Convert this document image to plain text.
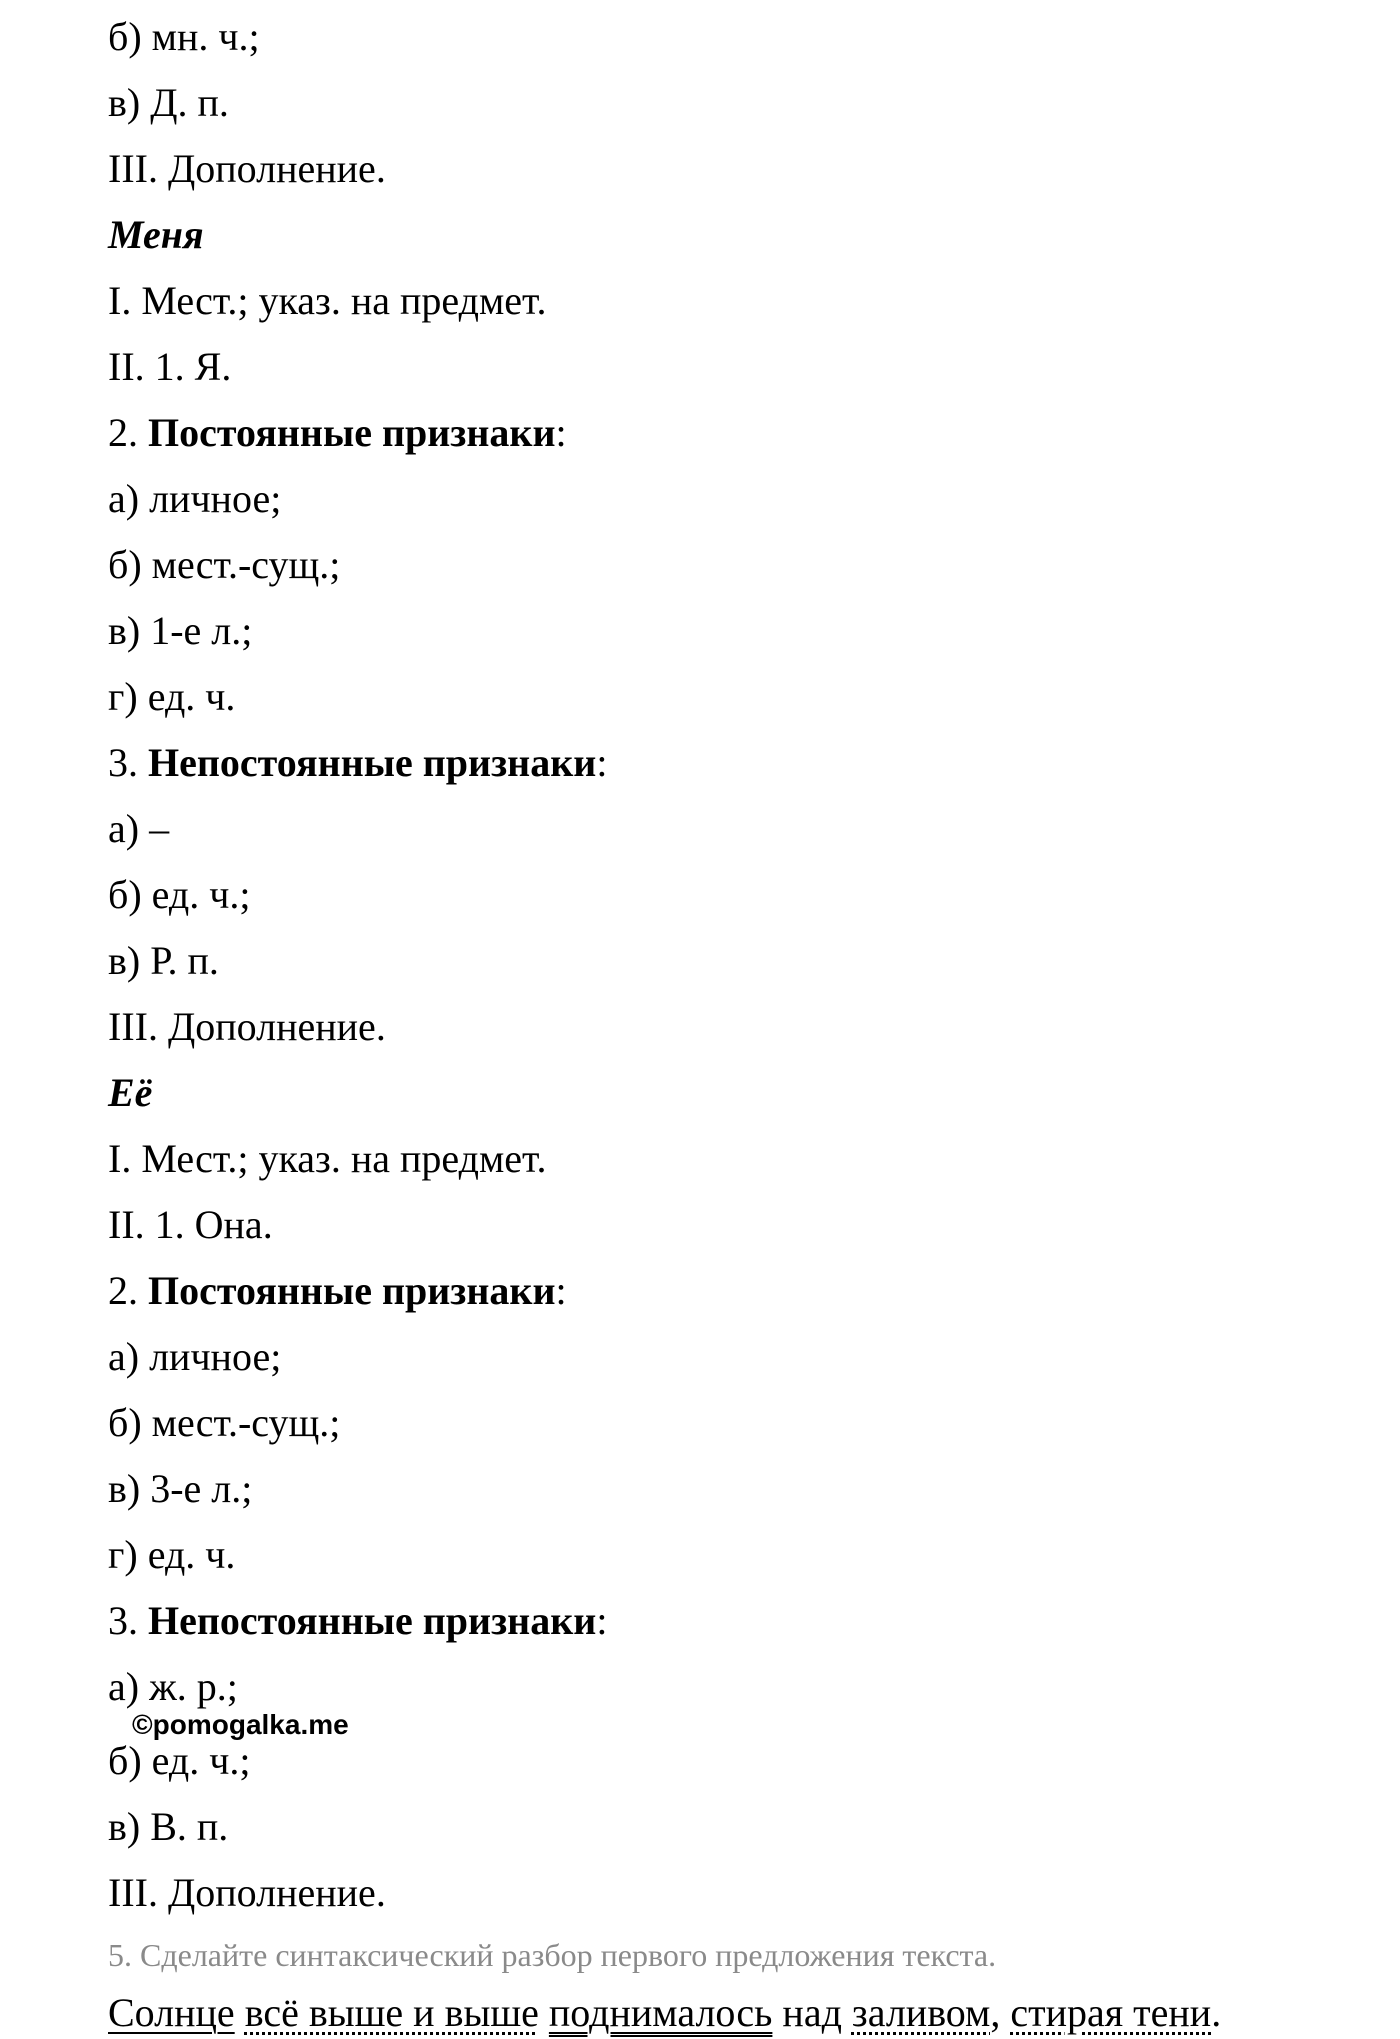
б) мн. ч.;
в) Д. п.
III. Дополнение.
Меня
I. Мест.; указ. на предмет.
II. 1. Я.
2. Постоянные признаки:
а) личное;
б) мест.-сущ.;
в) 1-е л.;
г) ед. ч.
3. Непостоянные признаки:
а) –
б) ед. ч.;
в) Р. п.
III. Дополнение.
Её
I. Мест.; указ. на предмет.
II. 1. Она.
2. Постоянные признаки:
а) личное;
б) мест.-сущ.;
в) 3-е л.;
г) ед. ч.
3. Непостоянные признаки:
а) ж. р.;
©pomogalka.me
б) ед. ч.;
в) В. п.
III. Дополнение.
5. Сделайте синтаксический разбор первого предложения текста.
Солнце всё выше и выше поднималось над заливом, стирая тени.
